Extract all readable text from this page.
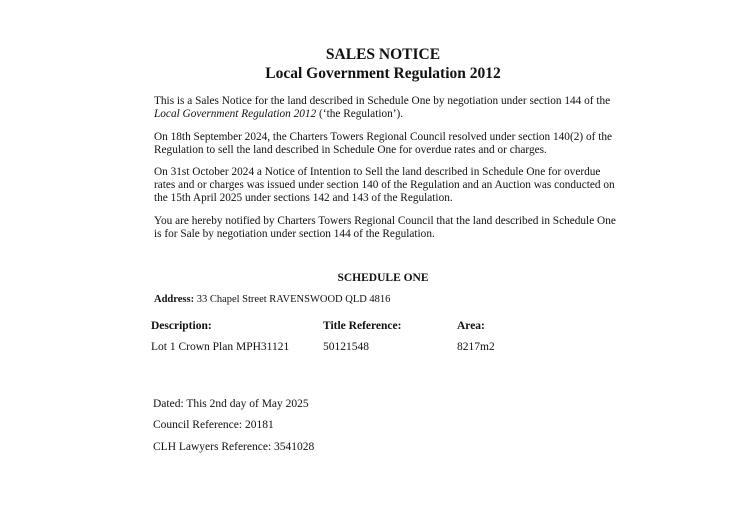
SALES NOTICE
Local Government Regulation 2012
This is a Sales Notice for the land described in Schedule One by negotiation under section 144 of the Local Government Regulation 2012 (‘the Regulation’).
On 18th September 2024, the Charters Towers Regional Council resolved under section 140(2) of the Regulation to sell the land described in Schedule One for overdue rates and or charges.
On 31st October 2024 a Notice of Intention to Sell the land described in Schedule One for overdue rates and or charges was issued under section 140 of the Regulation and an Auction was conducted on the 15th April 2025 under sections 142 and 143 of the Regulation.
You are hereby notified by Charters Towers Regional Council that the land described in Schedule One is for Sale by negotiation under section 144 of the Regulation.
SCHEDULE ONE
Address: 33 Chapel Street RAVENSWOOD QLD 4816
Description:	Title Reference:	Area:
Lot 1 Crown Plan MPH31121	50121548	8217m2
Dated: This 2nd day of May 2025
Council Reference: 20181
CLH Lawyers Reference: 3541028
